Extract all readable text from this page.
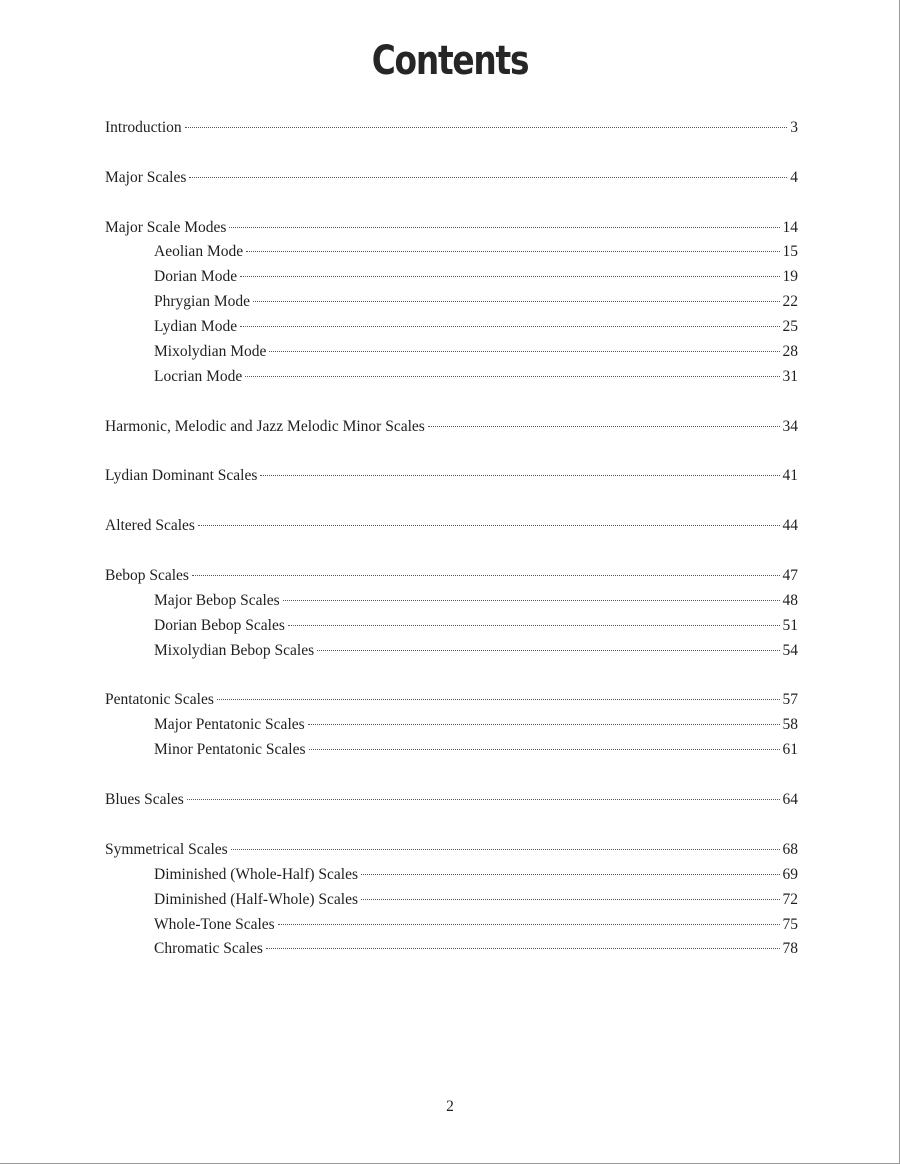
Contents
Introduction	3
Major Scales	4
Major Scale Modes	14
Aeolian Mode	15
Dorian Mode	19
Phrygian Mode	22
Lydian Mode	25
Mixolydian Mode	28
Locrian Mode	31
Harmonic, Melodic and Jazz Melodic Minor Scales	34
Lydian Dominant Scales	41
Altered Scales	44
Bebop Scales	47
Major Bebop Scales	48
Dorian Bebop Scales	51
Mixolydian Bebop Scales	54
Pentatonic Scales	57
Major Pentatonic Scales	58
Minor Pentatonic Scales	61
Blues Scales	64
Symmetrical Scales	68
Diminished (Whole-Half) Scales	69
Diminished (Half-Whole) Scales	72
Whole-Tone Scales	75
Chromatic Scales	78
2
